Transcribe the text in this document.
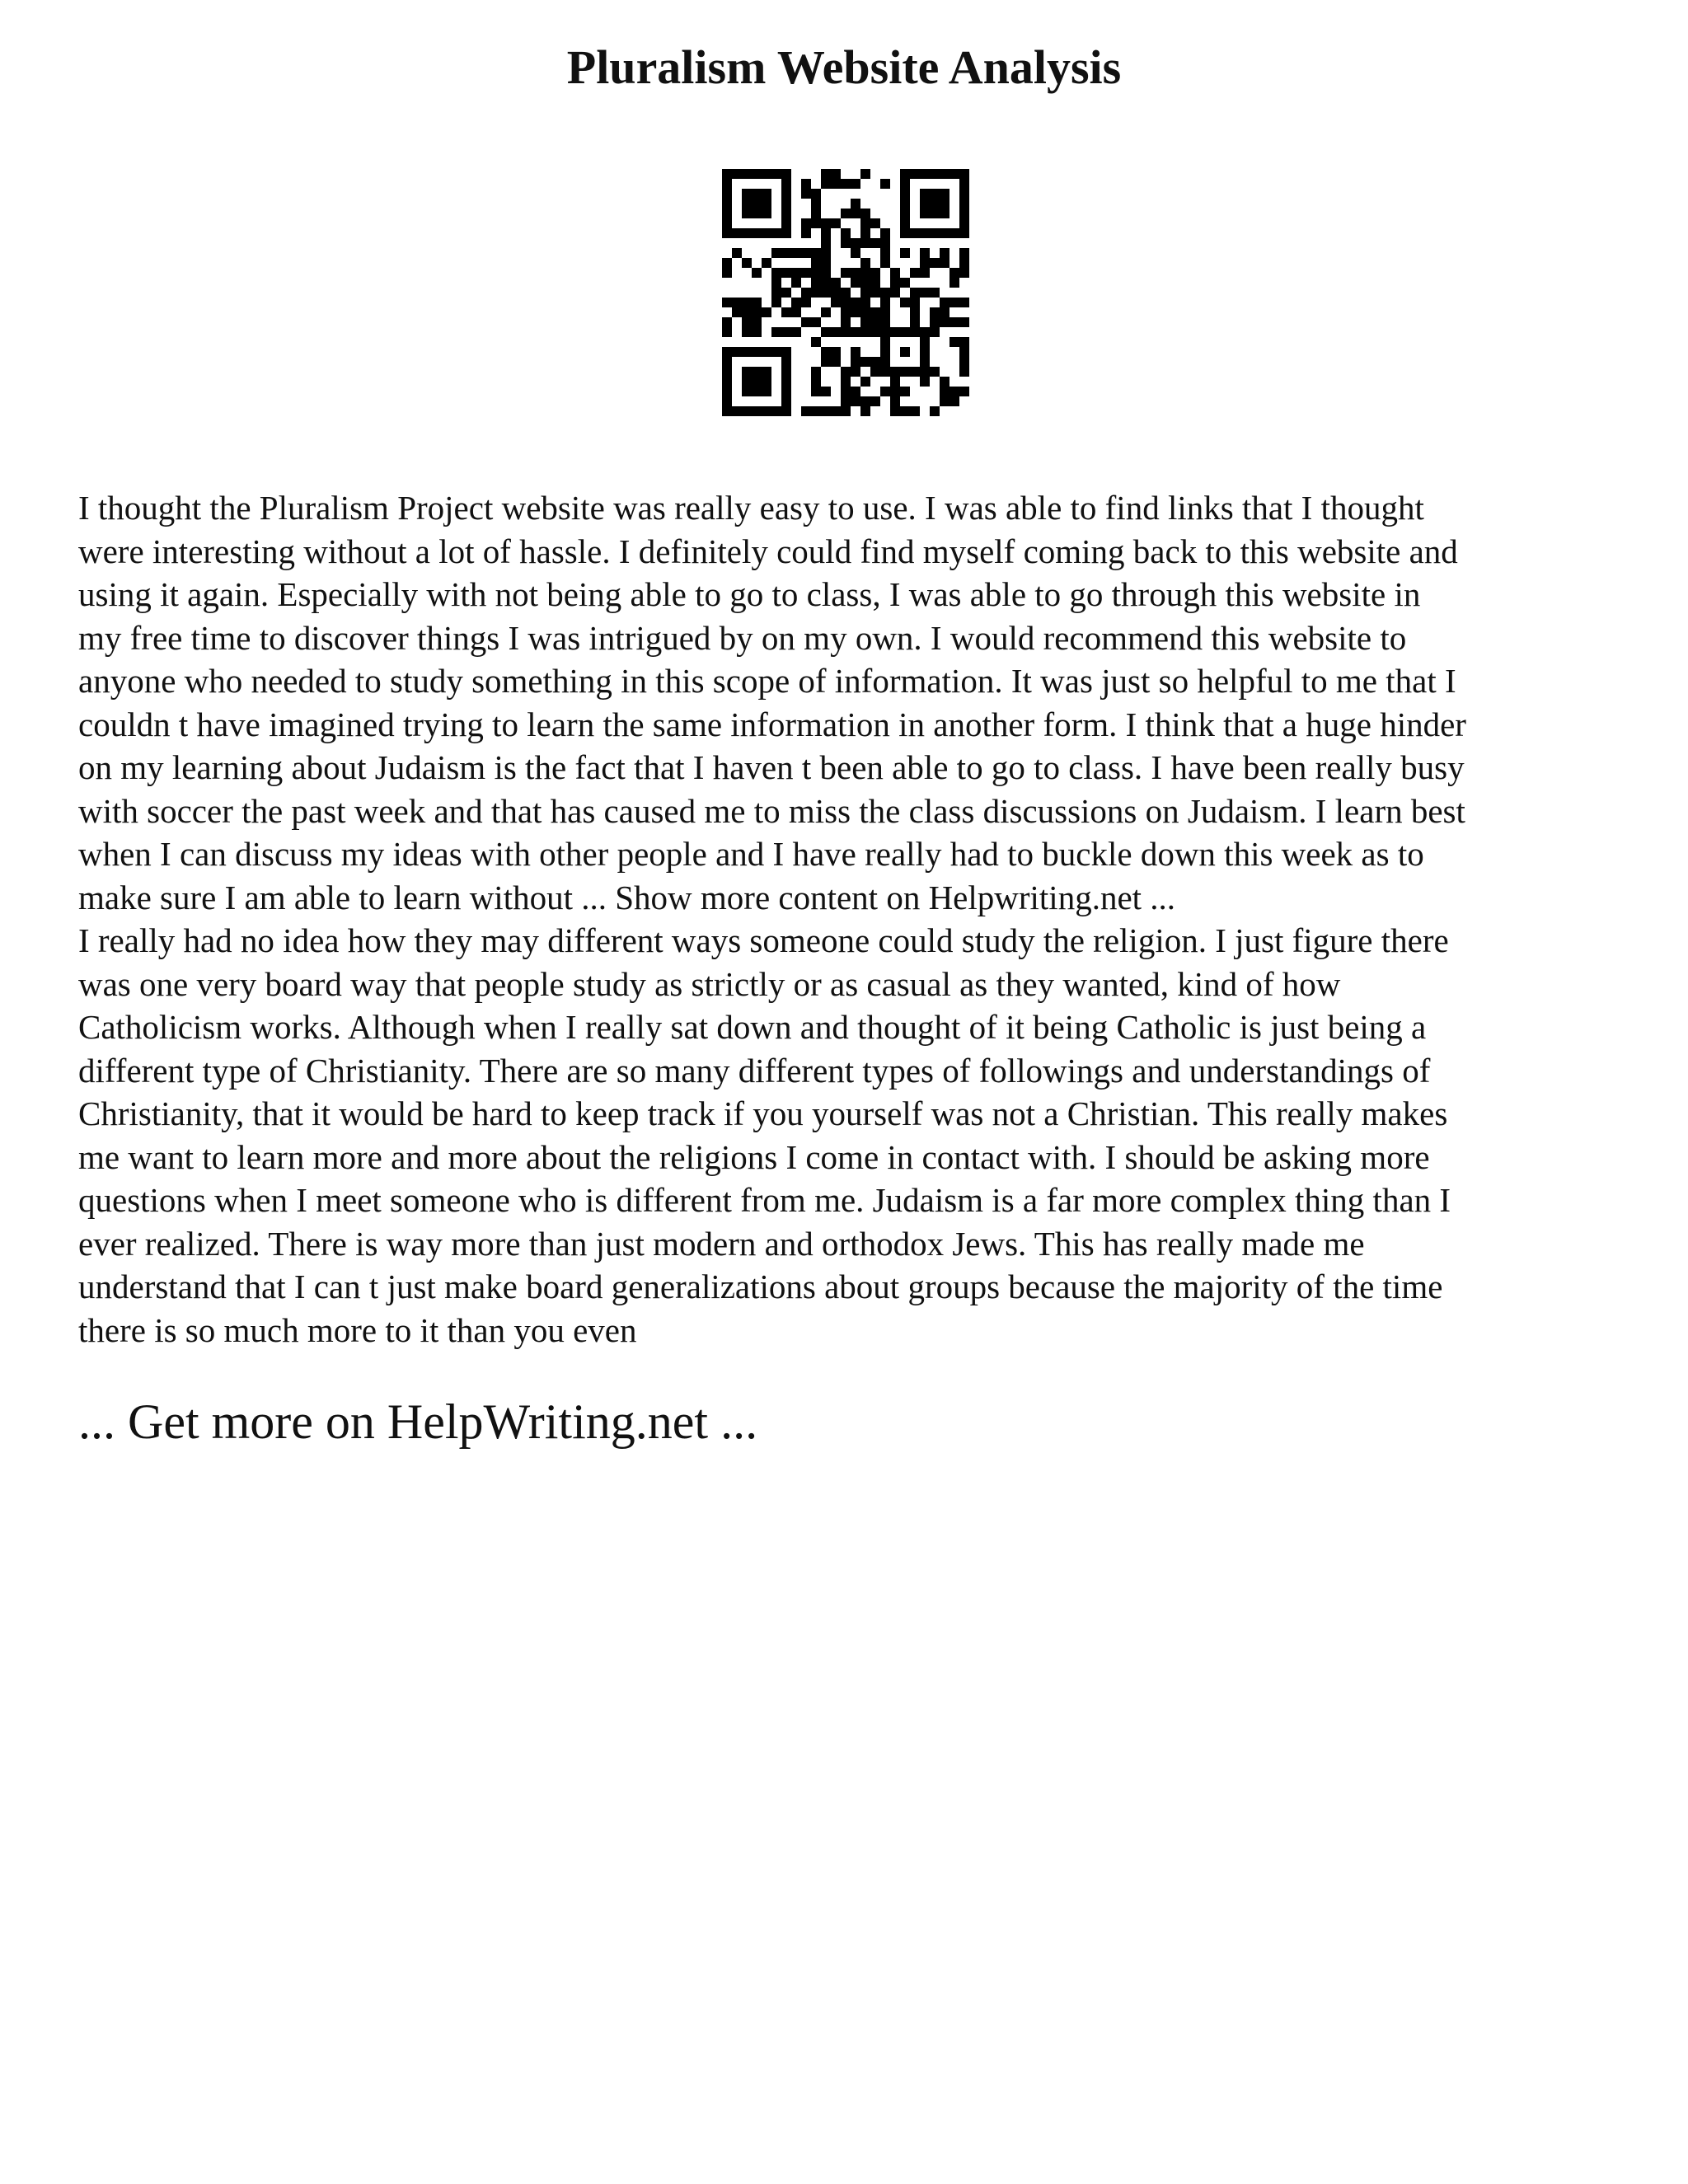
Pluralism Website Analysis

I thought the Pluralism Project website was really easy to use. I was able to find links that I thought
were interesting without a lot of hassle. I definitely could find myself coming back to this website and
using it again. Especially with not being able to go to class, I was able to go through this website in
my free time to discover things I was intrigued by on my own. I would recommend this website to
anyone who needed to study something in this scope of information. It was just so helpful to me that I
couldn t have imagined trying to learn the same information in another form. I think that a huge hinder
on my learning about Judaism is the fact that I haven t been able to go to class. I have been really busy
with soccer the past week and that has caused me to miss the class discussions on Judaism. I learn best
when I can discuss my ideas with other people and I have really had to buckle down this week as to
make sure I am able to learn without ... Show more content on Helpwriting.net ...

I really had no idea how they may different ways someone could study the religion. I just figure there
was one very board way that people study as strictly or as casual as they wanted, kind of how
Catholicism works. Although when I really sat down and thought of it being Catholic is just being a
different type of Christianity. There are so many different types of followings and understandings of
Christianity, that it would be hard to keep track if you yourself was not a Christian. This really makes
me want to learn more and more about the religions I come in contact with. I should be asking more
questions when I meet someone who is different from me. Judaism is a far more complex thing than I
ever realized. There is way more than just modern and orthodox Jews. This has really made me
understand that I can t just make board generalizations about groups because the majority of the time
there is so much more to it than you even

... Get more on HelpWriting.net ...
